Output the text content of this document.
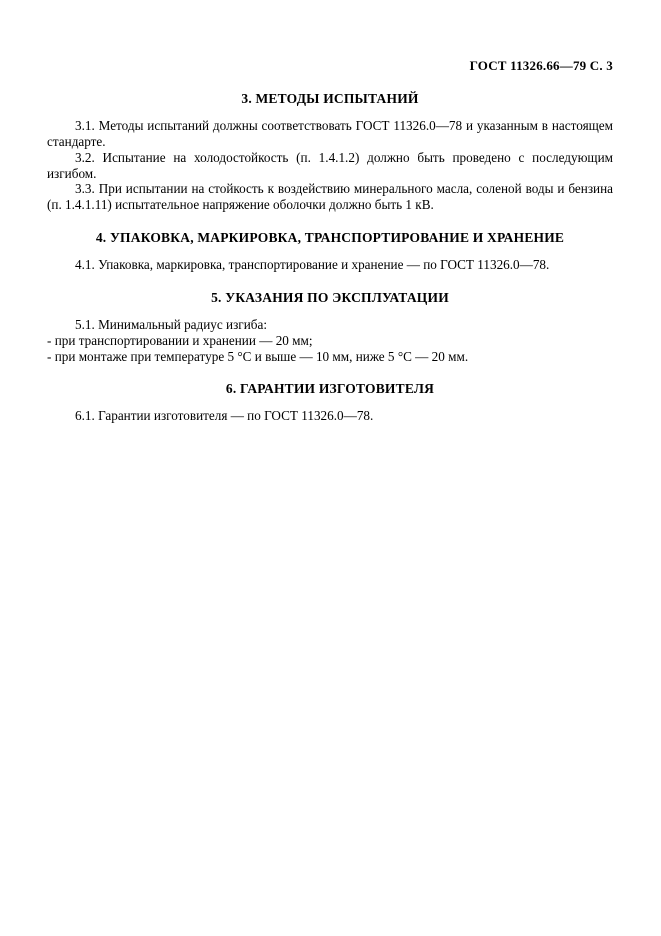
ГОСТ 11326.66—79 С. 3
3. МЕТОДЫ ИСПЫТАНИЙ

3.1. Методы испытаний должны соответствовать ГОСТ 11326.0—78 и указанным в настоящем стандарте.

3.2. Испытание на холодостойкость (п. 1.4.1.2) должно быть проведено с последующим изгибом.

3.3. При испытании на стойкость к воздействию минерального масла, соленой воды и бензина (п. 1.4.1.11) испытательное напряжение оболочки должно быть 1 кВ.

4. УПАКОВКА, МАРКИРОВКА, ТРАНСПОРТИРОВАНИЕ И ХРАНЕНИЕ

4.1. Упаковка, маркировка, транспортирование и хранение — по ГОСТ 11326.0—78.

5. УКАЗАНИЯ ПО ЭКСПЛУАТАЦИИ

5.1. Минимальный радиус изгиба:

- при транспортировании и хранении — 20 мм;

- при монтаже при температуре 5 °С и выше — 10 мм, ниже 5 °С — 20 мм.

6. ГАРАНТИИ ИЗГОТОВИТЕЛЯ

6.1. Гарантии изготовителя — по ГОСТ 11326.0—78.
